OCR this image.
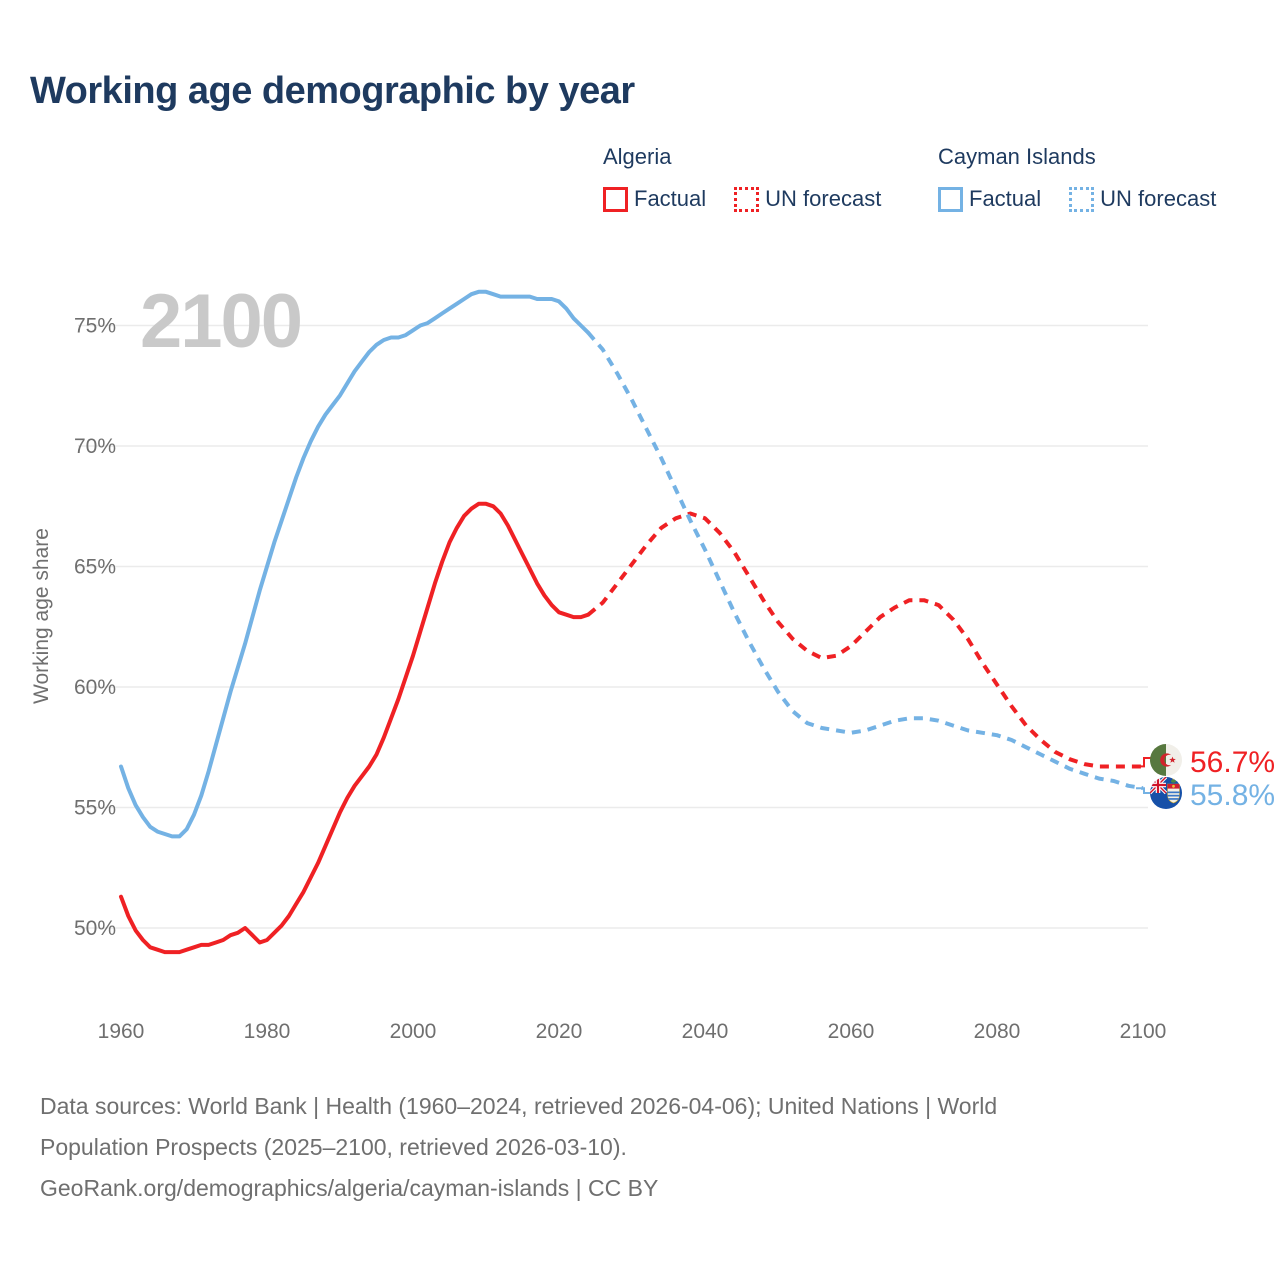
Working age demographic by year
Algeria
Factual	UN forecast
Cayman Islands
Factual	UN forecast
2100
50%
55%
60%
65%
70%
75%
1960	1980	2000	2020	2040	2060	2080	2100
Working age share
56.7%
55.8%
Data sources: World Bank | Health (1960–2024, retrieved 2026-04-06); United Nations | World
Population Prospects (2025–2100, retrieved 2026-03-10).
GeoRank.org/demographics/algeria/cayman-islands | CC BY
